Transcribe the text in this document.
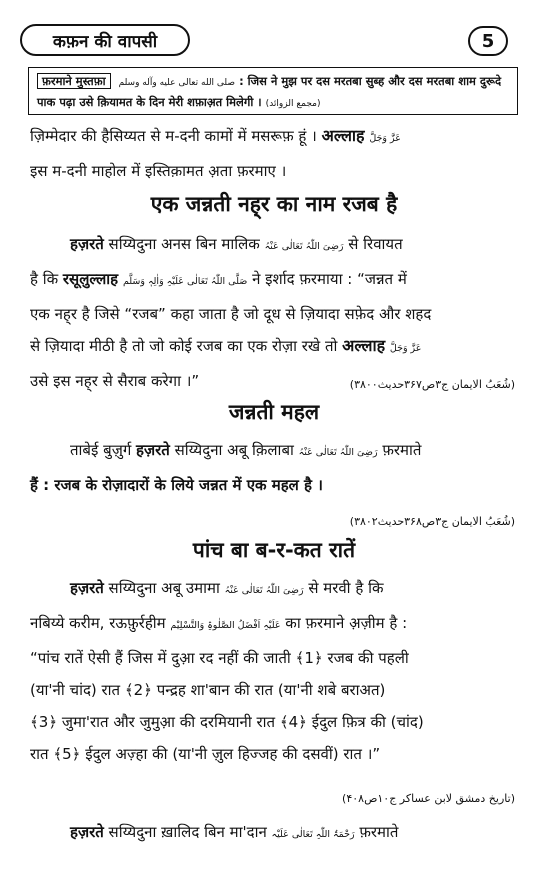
कफ़न की वापसी	5
फ़रमाने मुस्तफ़ा صلى الله تعالى عليه وآله وسلم : जिस ने मुझ पर दस मरतबा सुब्ह और दस मरतबा शाम दुरूदे पाक पढ़ा उसे क़ियामत के दिन मेरी शफ़ाअ़त मिलेगी । (مجمع الزوائد)
ज़िम्मेदार की हैसिय्यत से म-दनी कामों में मसरूफ़ हूं । अल्लाह عَزَّ وَجَلَّ
इस म-दनी माहोल में इस्तिक़ामत अ़ता फ़रमाए ।
एक जन्नती नह्‌र का नाम रजब है
हज़रते सय्यिदुना अनस बिन मालिक رَضِیَ اللّٰہُ تَعَالٰی عَنْہُ से रिवायत
है कि रसूलुल्लाह صَلَّی اللّٰہُ تَعَالٰی عَلَیْہِ وَاٰلِہٖ وَسَلَّم ने इर्शाद फ़रमाया : “जन्नत में
एक नह्‌र है जिसे “रजब” कहा जाता है जो दूध से ज़ियादा सफ़ेद और शहद
से ज़ियादा मीठी है तो जो कोई रजब का एक रोज़ा रखे तो अल्लाह عَزَّ وَجَلَّ
उसे इस नह्‌र से सैराब करेगा ।”	(شُعَبُ الایمان ج۳ص۳۶۷حدیث۳۸۰۰)
जन्नती महल
ताबेई बुज़ुर्ग हज़रते सय्यिदुना अबू क़िलाबा رَضِیَ اللّٰہُ تَعَالٰی عَنْہُ फ़रमाते
हैं : रजब के रोज़ादारों के लिये जन्नत में एक महल है ।
(شُعَبُ الایمان ج۳ص۳۶۸حدیث۳۸۰۲)
पांच बा ब-र-कत रातें
हज़रते सय्यिदुना अबू उमामा رَضِیَ اللّٰہُ تَعَالٰی عَنْہُ से मरवी है कि
नबिय्ये करीम, रऊफ़ुर्रहीम عَلَیْہِ اَفْضَلُ الصَّلٰوۃِ وَالتَّسْلِیْم का फ़रमाने अ़ज़ीम है :
“पांच रातें ऐसी हैं जिस में दुआ़ रद नहीं की जाती ﴾1﴿ रजब की पहली
(या'नी चांद) रात ﴾2﴿ पन्द्रह शा'बान की रात (या'नी शबे बराअत)
﴾3﴿ जुमा'रात और जुमुआ़ की दरमियानी रात ﴾4﴿ ईदुल फ़ित्र की (चांद)
रात ﴾5﴿ ईदुल अज़्हा की (या'नी ज़ुल हिज्जह की दसवीं) रात ।”
(تاریخ دمشق لابن عساکر ج۱۰ص۴۰۸)
हज़रते सय्यिदुना ख़ालिद बिन मा'दान رَحْمَۃُ اللّٰہِ تَعَالٰی عَلَیْہ फ़रमाते
